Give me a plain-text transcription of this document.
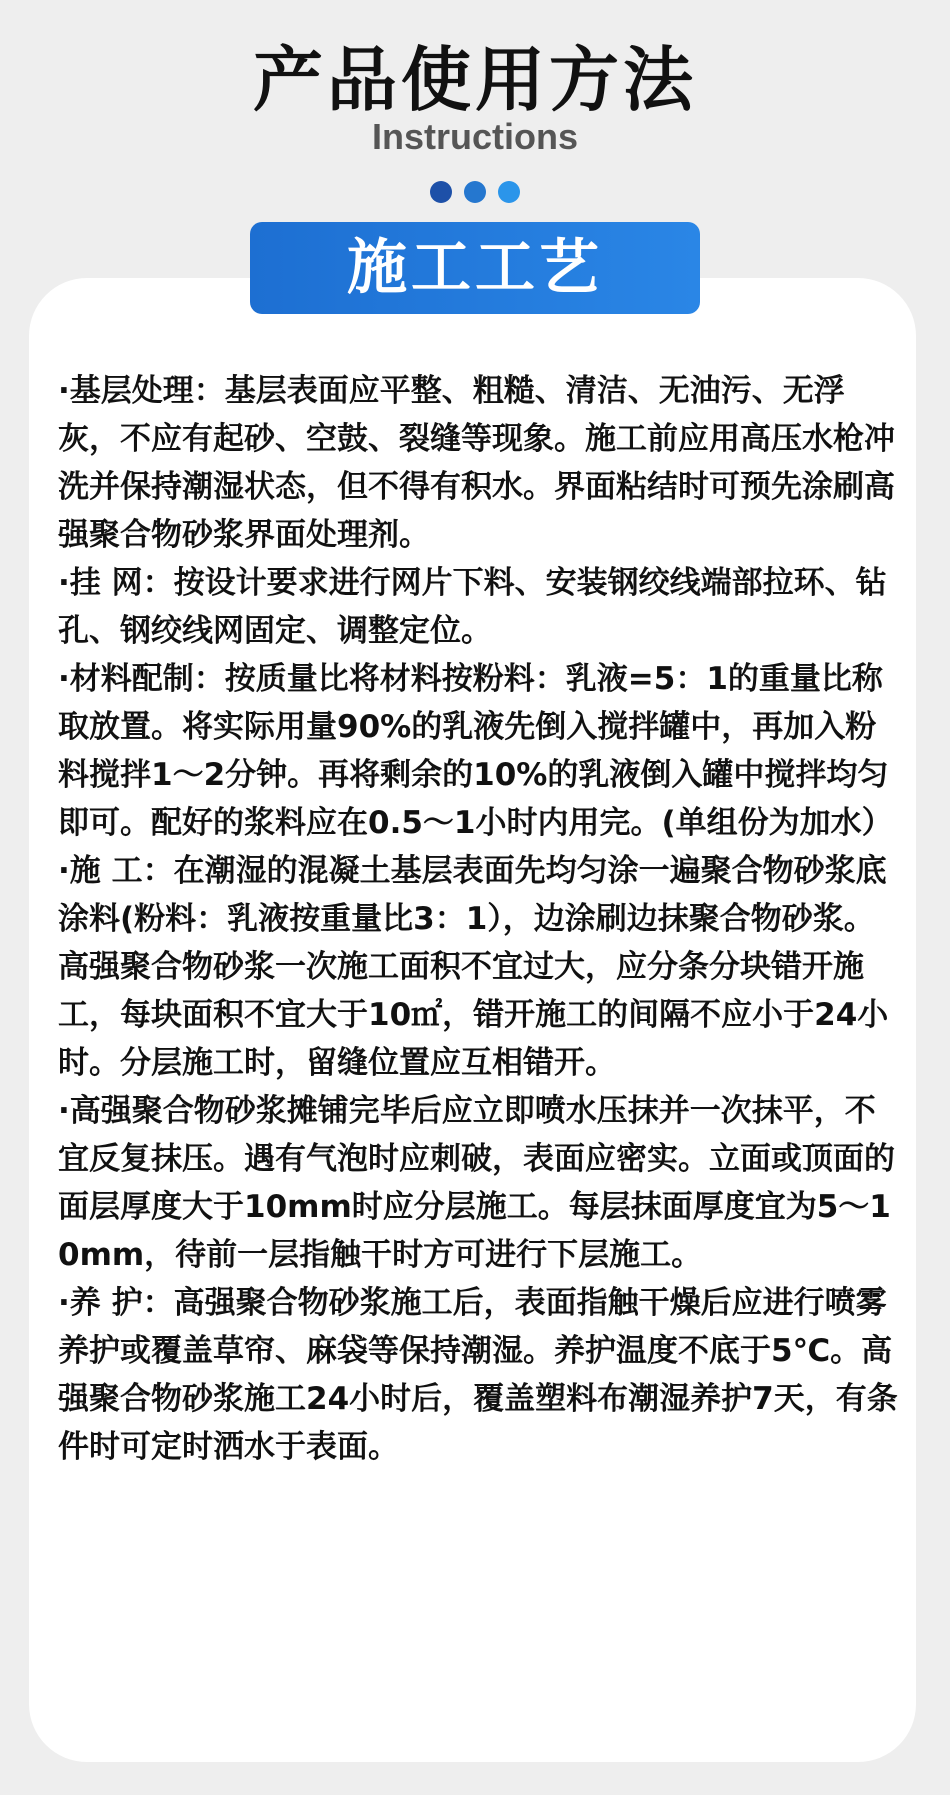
产品使用方法
Instructions
施工工艺

·基层处理：基层表面应平整、粗糙、清洁、无油污、无浮灰，不应有起砂、空鼓、裂缝等现象。施工前应用高压水枪冲洗并保持潮湿状态，但不得有积水。界面粘结时可预先涂刷高强聚合物砂浆界面处理剂。

·挂 网：按设计要求进行网片下料、安装钢绞线端部拉环、钻孔、钢绞线网固定、调整定位。

·材料配制：按质量比将材料按粉料：乳液=5：1的重量比称取放置。将实际用量90%的乳液先倒入搅拌罐中，再加入粉料搅拌1～2分钟。再将剩余的10%的乳液倒入罐中搅拌均匀即可。配好的浆料应在0.5～1小时内用完。(单组份为加水）

·施 工：在潮湿的混凝土基层表面先均匀涂一遍聚合物砂浆底涂料(粉料：乳液按重量比3：1），边涂刷边抹聚合物砂浆。高强聚合物砂浆一次施工面积不宜过大，应分条分块错开施工，每块面积不宜大于10㎡，错开施工的间隔不应小于24小时。分层施工时，留缝位置应互相错开。

·高强聚合物砂浆摊铺完毕后应立即喷水压抹并一次抹平，不宜反复抹压。遇有气泡时应刺破，表面应密实。立面或顶面的面层厚度大于10mm时应分层施工。每层抹面厚度宜为5～10mm，待前一层指触干时方可进行下层施工。

·养 护：高强聚合物砂浆施工后，表面指触干燥后应进行喷雾养护或覆盖草帘、麻袋等保持潮湿。养护温度不底于5℃。高强聚合物砂浆施工24小时后，覆盖塑料布潮湿养护7天，有条件时可定时洒水于表面。
